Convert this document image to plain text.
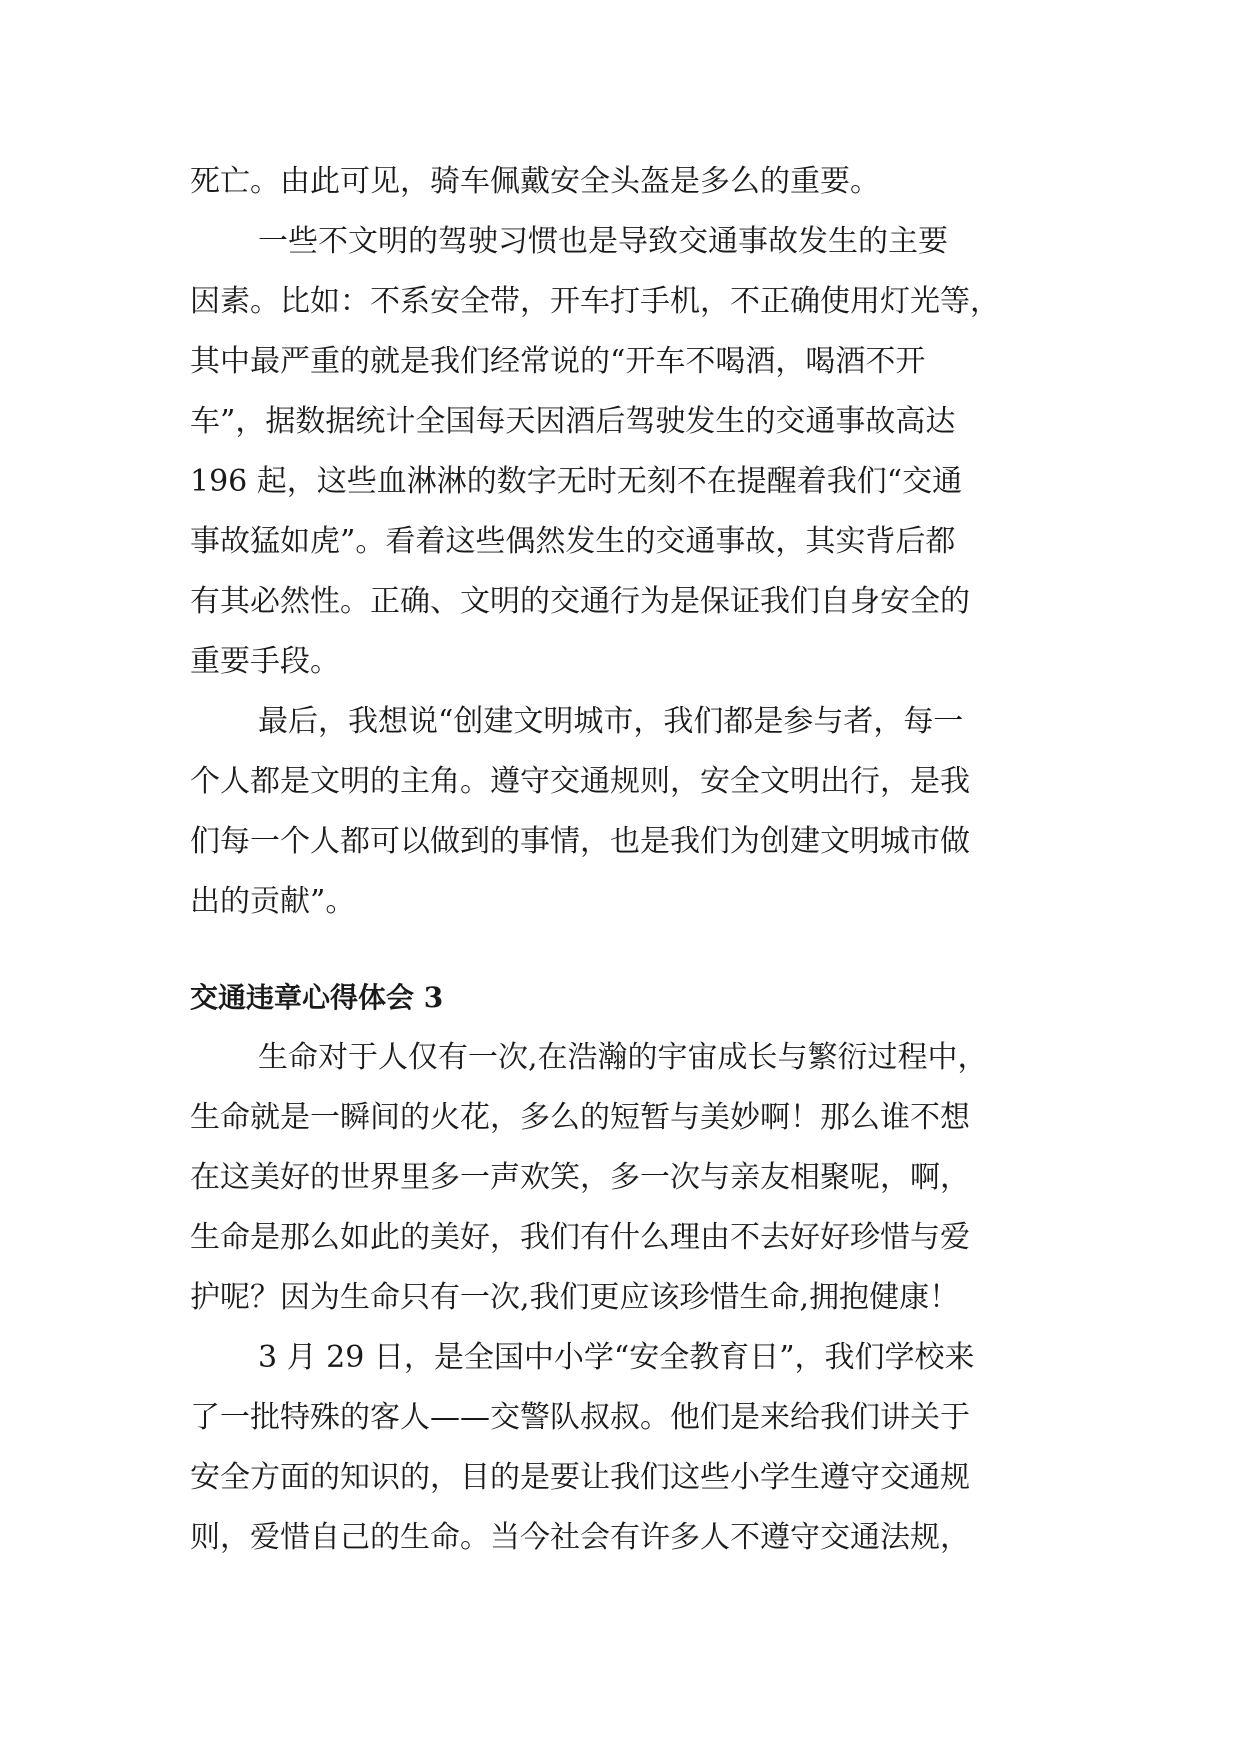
死亡。由此可见，骑车佩戴安全头盔是多么的重要。

一些不文明的驾驶习惯也是导致交通事故发生的主要

因素。比如：不系安全带，开车打手机，不正确使用灯光等，

其中最严重的就是我们经常说的“开车不喝酒，喝酒不开

车”，据数据统计全国每天因酒后驾驶发生的交通事故高达

196 起，这些血淋淋的数字无时无刻不在提醒着我们“交通

事故猛如虎”。看着这些偶然发生的交通事故，其实背后都

有其必然性。正确、文明的交通行为是保证我们自身安全的

重要手段。

最后，我想说“创建文明城市，我们都是参与者，每一

个人都是文明的主角。遵守交通规则，安全文明出行，是我

们每一个人都可以做到的事情，也是我们为创建文明城市做

出的贡献”。

交通违章心得体会 3

生命对于人仅有一次,在浩瀚的宇宙成长与繁衍过程中，

生命就是一瞬间的火花，多么的短暂与美妙啊！那么谁不想

在这美好的世界里多一声欢笑，多一次与亲友相聚呢，啊，

生命是那么如此的美好，我们有什么理由不去好好珍惜与爱

护呢？因为生命只有一次,我们更应该珍惜生命,拥抱健康！

3 月 29 日，是全国中小学“安全教育日”，我们学校来

了一批特殊的客人——交警队叔叔。他们是来给我们讲关于

安全方面的知识的，目的是要让我们这些小学生遵守交通规

则，爱惜自己的生命。当今社会有许多人不遵守交通法规，
